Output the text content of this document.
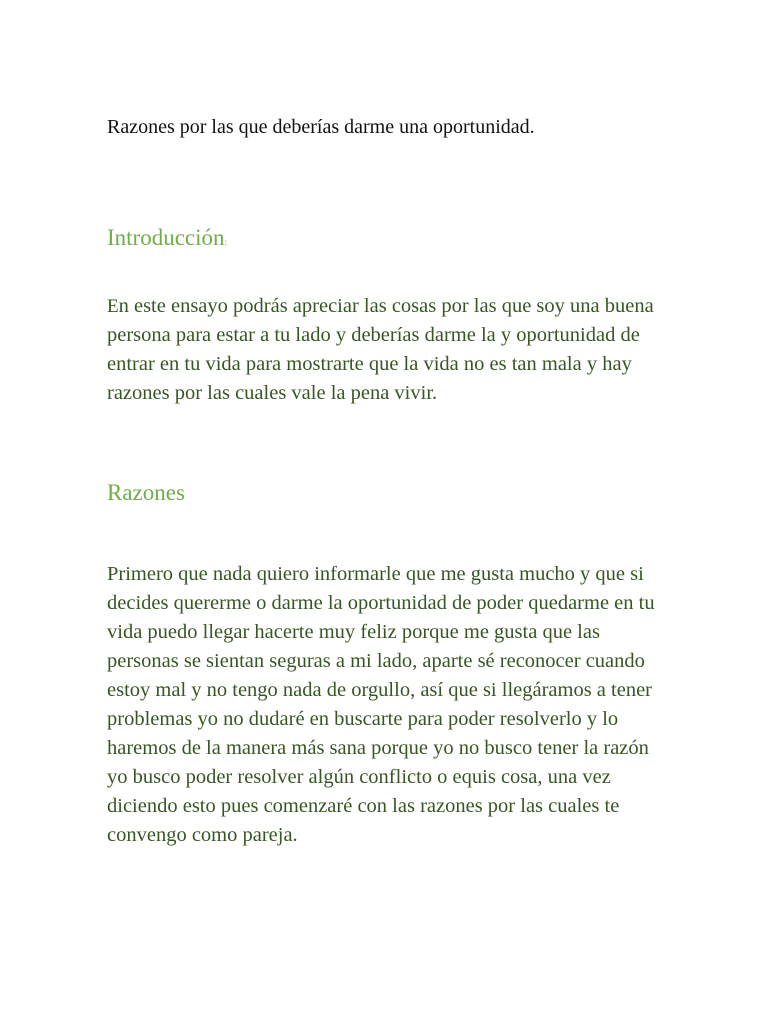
Razones por las que deberías darme una oportunidad. 

Introducción:

En este ensayo podrás apreciar las cosas por las que soy una buena persona para estar a tu lado y deberías darme la y oportunidad de entrar en tu vida para mostrarte que la vida no es tan mala y hay razones por las cuales vale la pena vivir.

Razones

Primero que nada quiero informarle que me gusta mucho y que si decides quererme o darme la oportunidad de poder quedarme en tu vida puedo llegar hacerte muy feliz porque me gusta que las personas se sientan seguras a mi lado, aparte sé reconocer cuando estoy mal y no tengo nada de orgullo, así que si llegáramos a tener problemas yo no dudaré en buscarte para poder resolverlo y lo haremos de la manera más sana porque yo no busco tener la razón yo busco poder resolver algún conflicto o equis cosa, una vez diciendo esto pues comenzaré con las razones por las cuales te convengo como pareja.
